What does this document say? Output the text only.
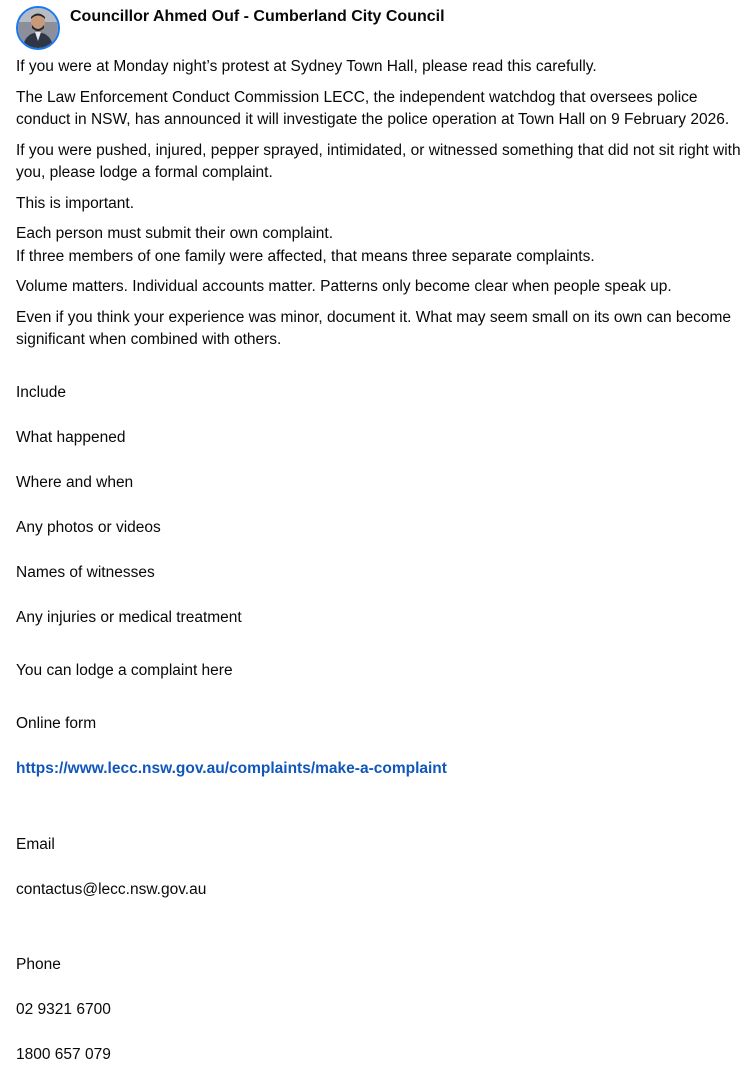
Councillor Ahmed Ouf - Cumberland City Council

If you were at Monday night’s protest at Sydney Town Hall, please read this carefully.

The Law Enforcement Conduct Commission LECC, the independent watchdog that oversees police conduct in NSW, has announced it will investigate the police operation at Town Hall on 9 February 2026.

If you were pushed, injured, pepper sprayed, intimidated, or witnessed something that did not sit right with you, please lodge a formal complaint.

This is important.

Each person must submit their own complaint.
If three members of one family were affected, that means three separate complaints.

Volume matters. Individual accounts matter. Patterns only become clear when people speak up.

Even if you think your experience was minor, document it. What may seem small on its own can become significant when combined with others.

Include

What happened

Where and when

Any photos or videos

Names of witnesses

Any injuries or medical treatment

You can lodge a complaint here

Online form

https://www.lecc.nsw.gov.au/complaints/make-a-complaint

Email

contactus@lecc.nsw.gov.au

Phone

02 9321 6700

1800 657 079
